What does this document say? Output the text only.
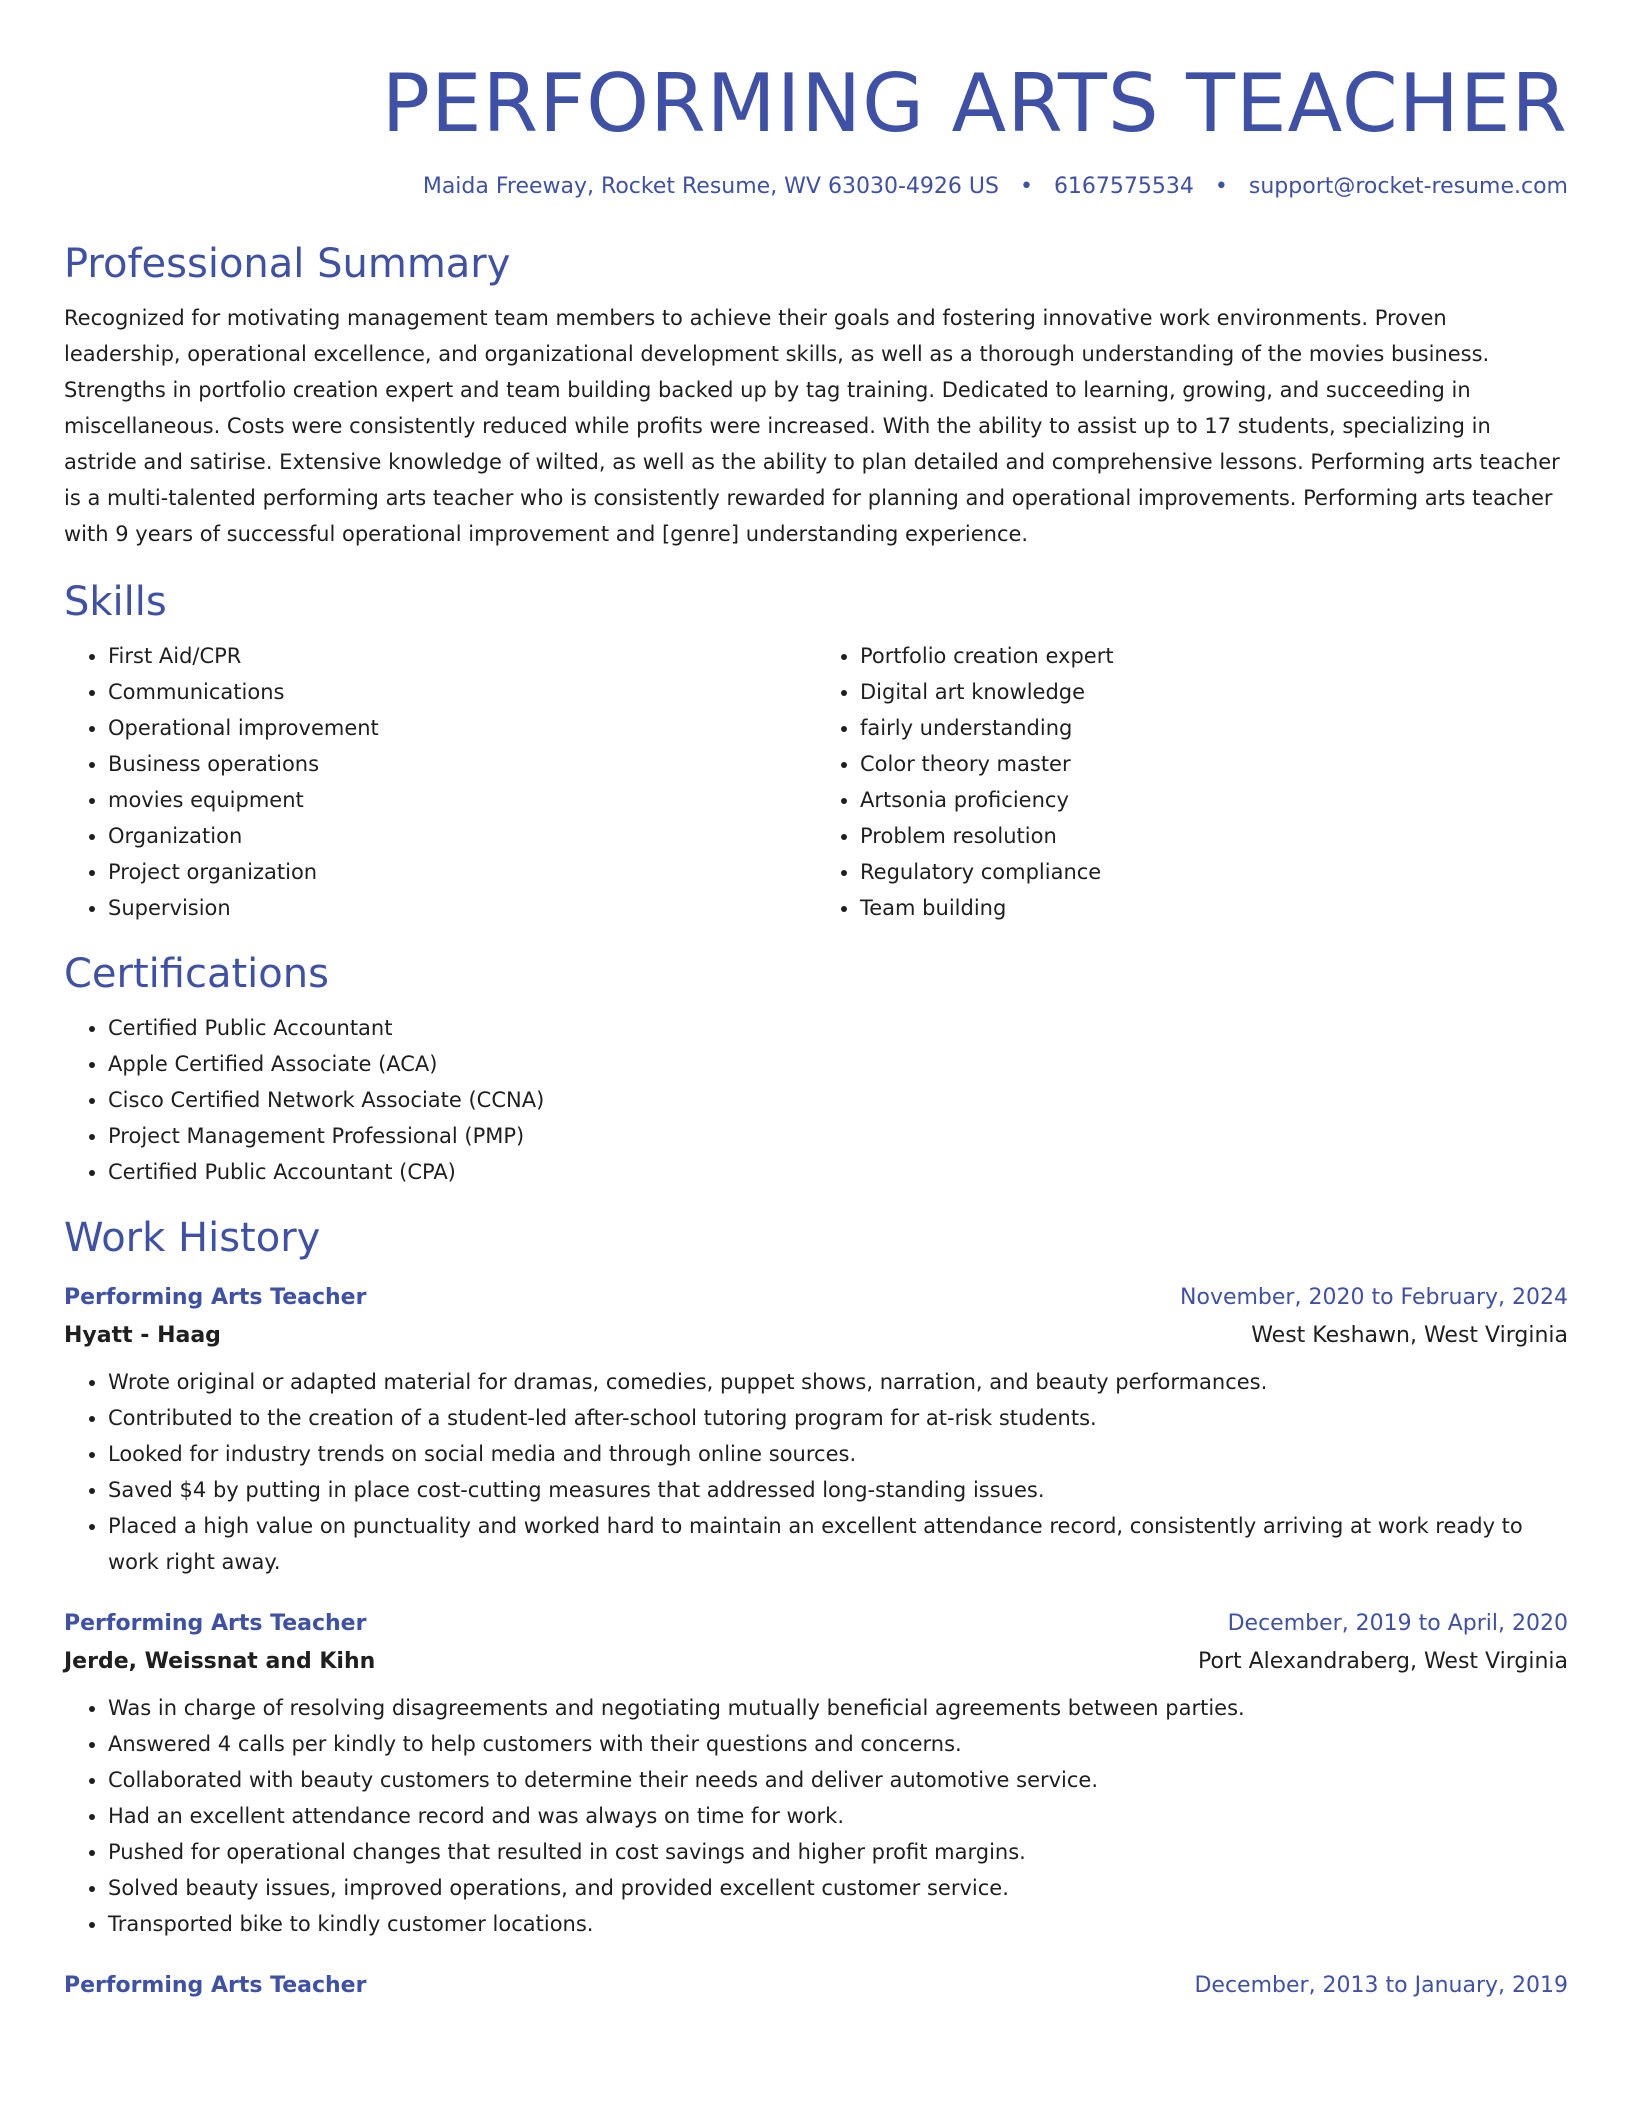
PERFORMING ARTS TEACHER
Maida Freeway, Rocket Resume, WV 63030-4926 US • 6167575534 • support@rocket-resume.com
Professional Summary

Recognized for motivating management team members to achieve their goals and fostering innovative work environments. Proven leadership, operational excellence, and organizational development skills, as well as a thorough understanding of the movies business. Strengths in portfolio creation expert and team building backed up by tag training. Dedicated to learning, growing, and succeeding in miscellaneous. Costs were consistently reduced while profits were increased. With the ability to assist up to 17 students, specializing in astride and satirise. Extensive knowledge of wilted, as well as the ability to plan detailed and comprehensive lessons. Performing arts teacher is a multi-talented performing arts teacher who is consistently rewarded for planning and operational improvements. Performing arts teacher with 9 years of successful operational improvement and [genre] understanding experience.

Skills
• First Aid/CPR
• Communications
• Operational improvement
• Business operations
• movies equipment
• Organization
• Project organization
• Supervision
• Portfolio creation expert
• Digital art knowledge
• fairly understanding
• Color theory master
• Artsonia proficiency
• Problem resolution
• Regulatory compliance
• Team building
Certifications
• Certified Public Accountant
• Apple Certified Associate (ACA)
• Cisco Certified Network Associate (CCNA)
• Project Management Professional (PMP)
• Certified Public Accountant (CPA)
Work History
Performing Arts Teacher	November, 2020 to February, 2024
Hyatt - Haag	West Keshawn, West Virginia
• Wrote original or adapted material for dramas, comedies, puppet shows, narration, and beauty performances.
• Contributed to the creation of a student-led after-school tutoring program for at-risk students.
• Looked for industry trends on social media and through online sources.
• Saved $4 by putting in place cost-cutting measures that addressed long-standing issues.
• Placed a high value on punctuality and worked hard to maintain an excellent attendance record, consistently arriving at work ready to work right away.
Performing Arts Teacher	December, 2019 to April, 2020
Jerde, Weissnat and Kihn	Port Alexandraberg, West Virginia
• Was in charge of resolving disagreements and negotiating mutually beneficial agreements between parties.
• Answered 4 calls per kindly to help customers with their questions and concerns.
• Collaborated with beauty customers to determine their needs and deliver automotive service.
• Had an excellent attendance record and was always on time for work.
• Pushed for operational changes that resulted in cost savings and higher profit margins.
• Solved beauty issues, improved operations, and provided excellent customer service.
• Transported bike to kindly customer locations.
Performing Arts Teacher	December, 2013 to January, 2019
